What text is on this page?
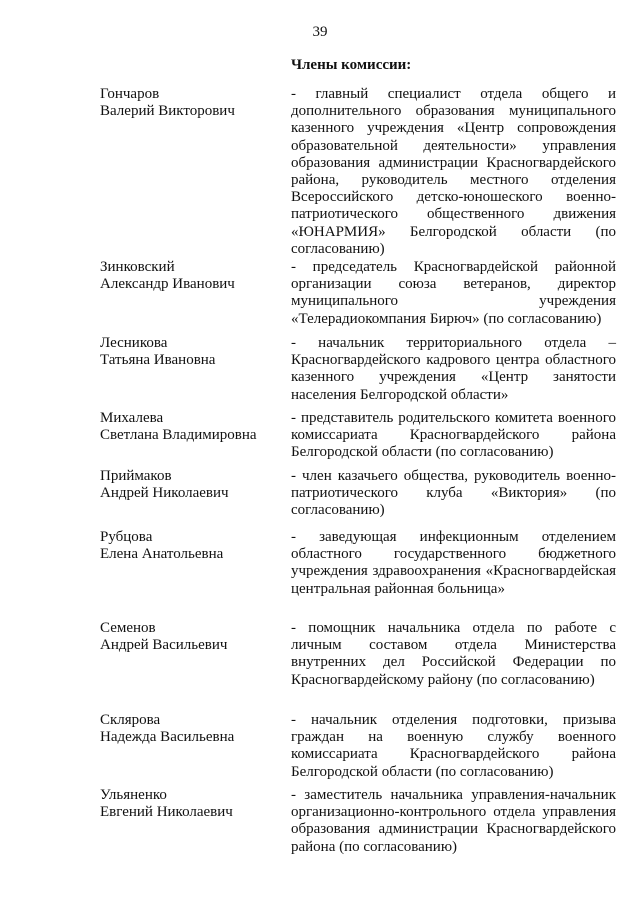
39
Члены комиссии:
Гончаров
Валерий Викторович
- главный специалист отдела общего и дополнительного образования муниципального казенного учреждения «Центр сопровождения образовательной деятельности» управления образования администрации Красногвардейского района, руководитель местного отделения Всероссийского детско-юношеского военно-патриотического общественного движения «ЮНАРМИЯ» Белгородской области (по согласованию)
Зинковский
Александр Иванович
- председатель Красногвардейской районной организации союза ветеранов, директор муниципального учреждения «Телерадиокомпания Бирюч» (по согласованию)
Лесникова
Татьяна Ивановна
- начальник территориального отдела – Красногвардейского кадрового центра областного казенного учреждения «Центр занятости населения Белгородской области»
Михалева
Светлана Владимировна
- представитель родительского комитета военного комиссариата Красногвардейского района Белгородской области (по согласованию)
Приймаков
Андрей Николаевич
- член казачьего общества, руководитель военно-патриотического клуба «Виктория» (по согласованию)
Рубцова
Елена Анатольевна
- заведующая инфекционным отделением областного государственного бюджетного учреждения здравоохранения «Красногвардейская центральная районная больница»
Семенов
Андрей Васильевич
- помощник начальника отдела по работе с личным составом отдела Министерства внутренних дел Российской Федерации по Красногвардейскому району (по согласованию)
Склярова
Надежда Васильевна
- начальник отделения подготовки, призыва граждан на военную службу военного комиссариата Красногвардейского района Белгородской области (по согласованию)
Ульяненко
Евгений Николаевич
- заместитель начальника управления-начальник организационно-контрольного отдела управления образования администрации Красногвардейского района (по согласованию)
